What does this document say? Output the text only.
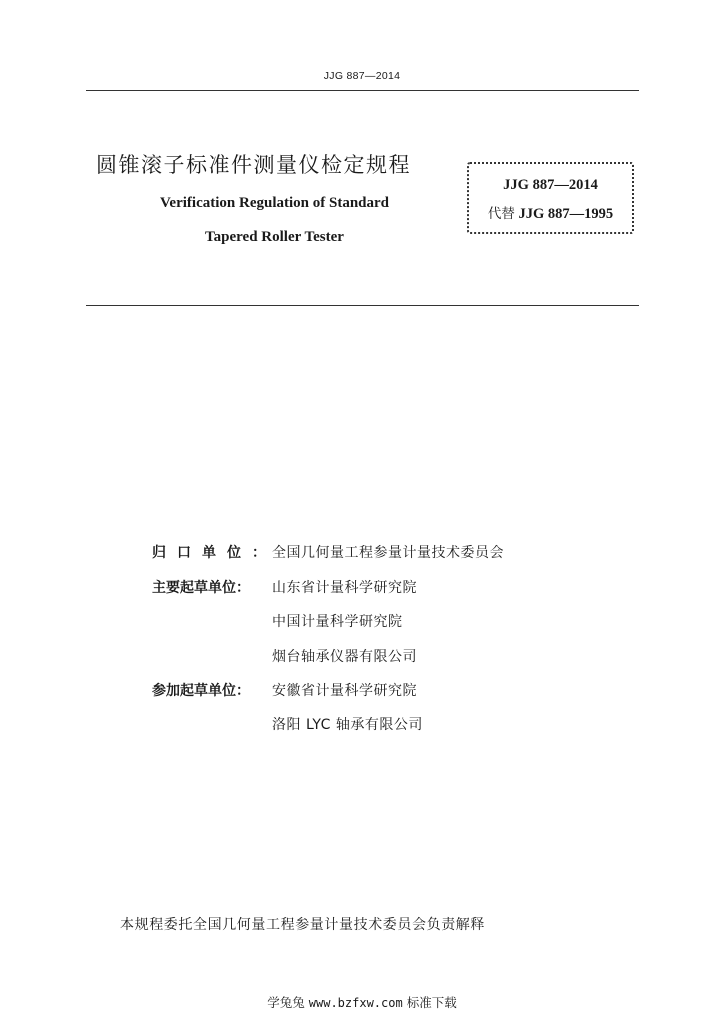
JJG 887—2014
圆锥滚子标准件测量仪检定规程
Verification Regulation of Standard
Tapered Roller Tester
JJG 887—2014
代替 JJG 887—1995
归口单位： 全国几何量工程参量计量技术委员会
主要起草单位：	山东省计量科学研究院
中国计量科学研究院
烟台轴承仪器有限公司
参加起草单位：	安徽省计量科学研究院
洛阳 LYC 轴承有限公司
本规程委托全国几何量工程参量计量技术委员会负责解释
学兔兔 www.bzfxw.com 标准下载
